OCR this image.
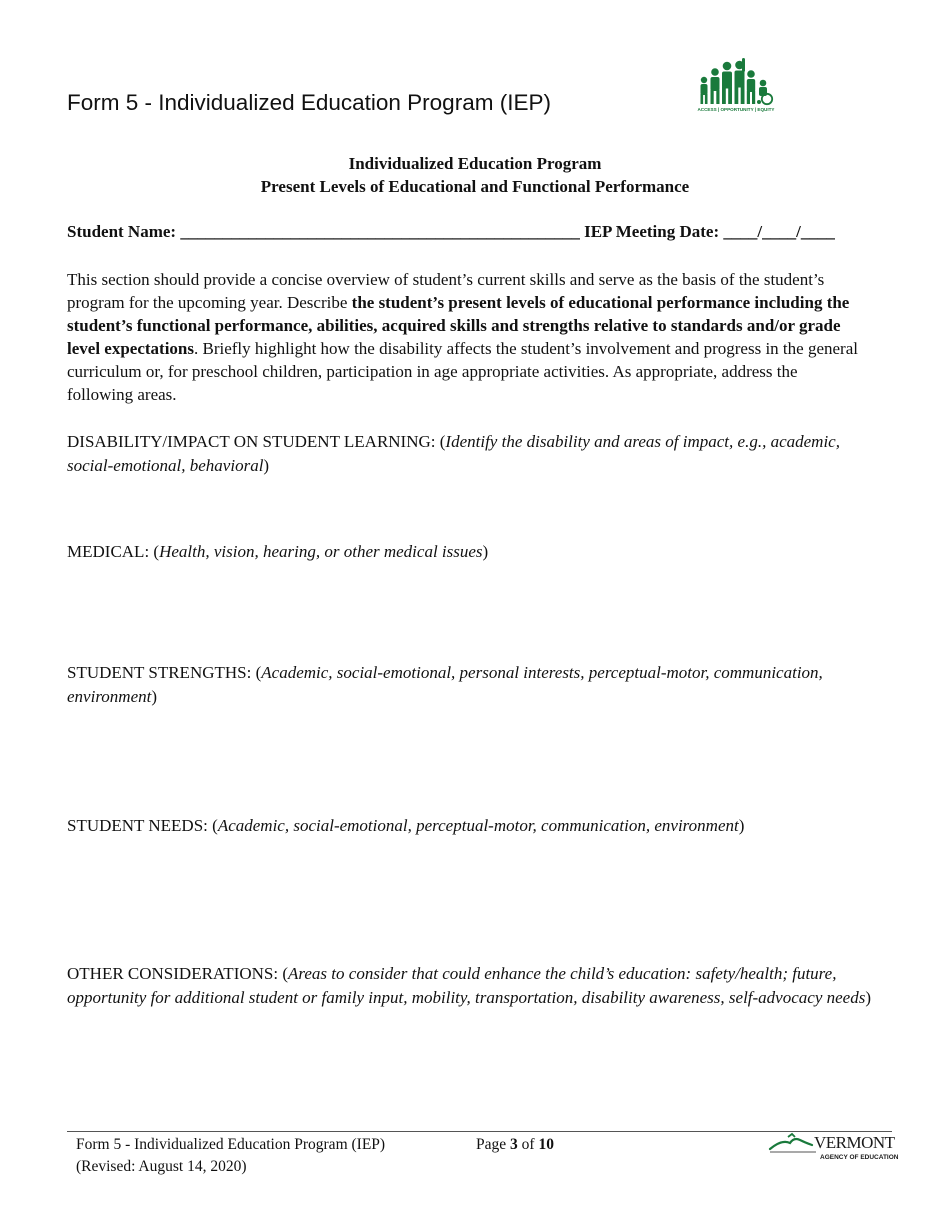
Form 5 - Individualized Education Program (IEP)	ACCESS | OPPORTUNITY | EQUITY
Individualized Education Program
Present Levels of Educational and Functional Performance
Student Name: _______________________________________________ IEP Meeting Date: ____/____/____
This section should provide a concise overview of student’s current skills and serve as the basis of the student’s program for the upcoming year. Describe the student’s present levels of educational performance including the student’s functional performance, abilities, acquired skills and strengths relative to standards and/or grade level expectations. Briefly highlight how the disability affects the student’s involvement and progress in the general curriculum or, for preschool children, participation in age appropriate activities. As appropriate, address the following areas.
DISABILITY/IMPACT ON STUDENT LEARNING: (Identify the disability and areas of impact, e.g., academic, social-emotional, behavioral)
MEDICAL: (Health, vision, hearing, or other medical issues)
STUDENT STRENGTHS: (Academic, social-emotional, personal interests, perceptual-motor, communication, environment)
STUDENT NEEDS: (Academic, social-emotional, perceptual-motor, communication, environment)
OTHER CONSIDERATIONS: (Areas to consider that could enhance the child’s education: safety/health; future, opportunity for additional student or family input, mobility, transportation, disability awareness, self-advocacy needs)
Form 5 - Individualized Education Program (IEP)
(Revised: August 14, 2020)
Page 3 of 10	VERMONT
AGENCY OF EDUCATION
